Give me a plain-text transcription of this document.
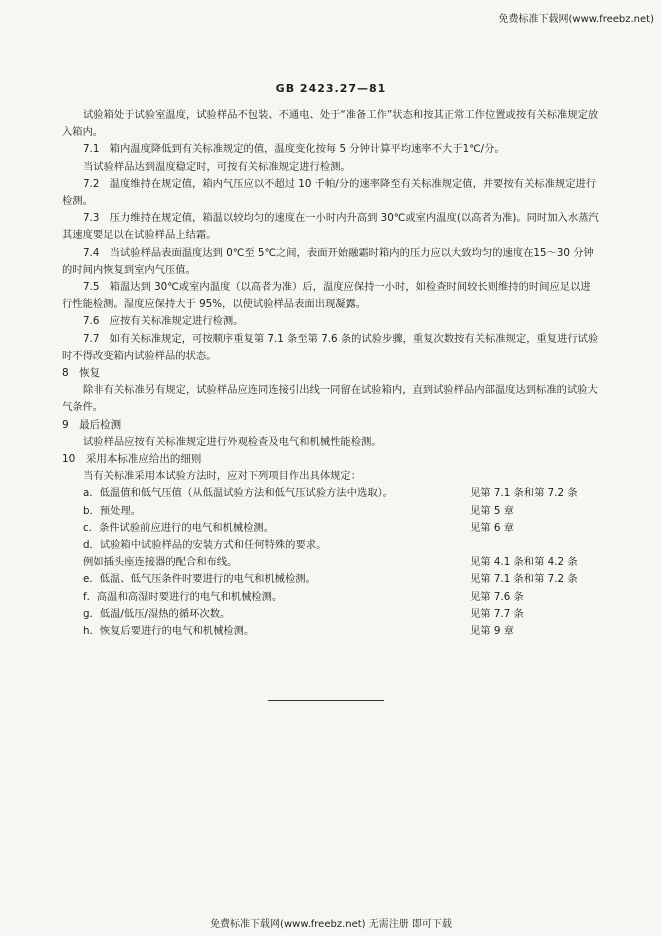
免费标准下载网(www.freebz.net)
GB 2423.27—81

试验箱处于试验室温度，试验样品不包装、不通电、处于“准备工作”状态和按其正常工作位置或按有关标准规定放入箱内。

7.1　箱内温度降低到有关标准规定的值，温度变化按每 5 分钟计算平均速率不大于1℃/分。

当试验样品达到温度稳定时，可按有关标准规定进行检测。

7.2　温度维持在规定值，箱内气压应以不超过 10 千帕/分的速率降至有关标准规定值，并要按有关标准规定进行检测。

7.3　压力维持在规定值，箱温以较均匀的速度在一小时内升高到 30℃或室内温度(以高者为准)。同时加入水蒸汽其速度要足以在试验样品上结霜。

7.4　当试验样品表面温度达到 0℃至 5℃之间，表面开始融霜时箱内的压力应以大致均匀的速度在15～30 分钟的时间内恢复到室内气压值。

7.5　箱温达到 30℃或室内温度（以高者为准）后，温度应保持一小时，如检查时间较长则维持的时间应足以进行性能检测。湿度应保持大于 95%，以使试验样品表面出现凝露。

7.6　应按有关标准规定进行检测。

7.7　如有关标准规定，可按顺序重复第 7.1 条至第 7.6 条的试验步骤，重复次数按有关标准规定，重复进行试验时不得改变箱内试验样品的状态。

8　恢复

除非有关标准另有规定，试验样品应连同连接引出线一同留在试验箱内，直到试验样品内部温度达到标准的试验大气条件。

9　最后检测

试验样品应按有关标准规定进行外观检查及电气和机械性能检测。

10　采用本标准应给出的细则

当有关标准采用本试验方法时，应对下列项目作出具体规定：

a．低温值和低气压值（从低温试验方法和低气压试验方法中选取）。	见第 7.1 条和第 7.2 条
b．预处理。	见第 5 章
c．条件试验前应进行的电气和机械检测。	见第 6 章
d．试验箱中试验样品的安装方式和任何特殊的要求。
例如插头座连接器的配合和布线。	见第 4.1 条和第 4.2 条
e．低温、低气压条件时要进行的电气和机械检测。	见第 7.1 条和第 7.2 条
f．高温和高湿时要进行的电气和机械检测。	见第 7.6 条
g．低温/低压/湿热的循环次数。	见第 7.7 条
h．恢复后要进行的电气和机械检测。	见第 9 章
免费标准下载网(www.freebz.net) 无需注册 即可下载
